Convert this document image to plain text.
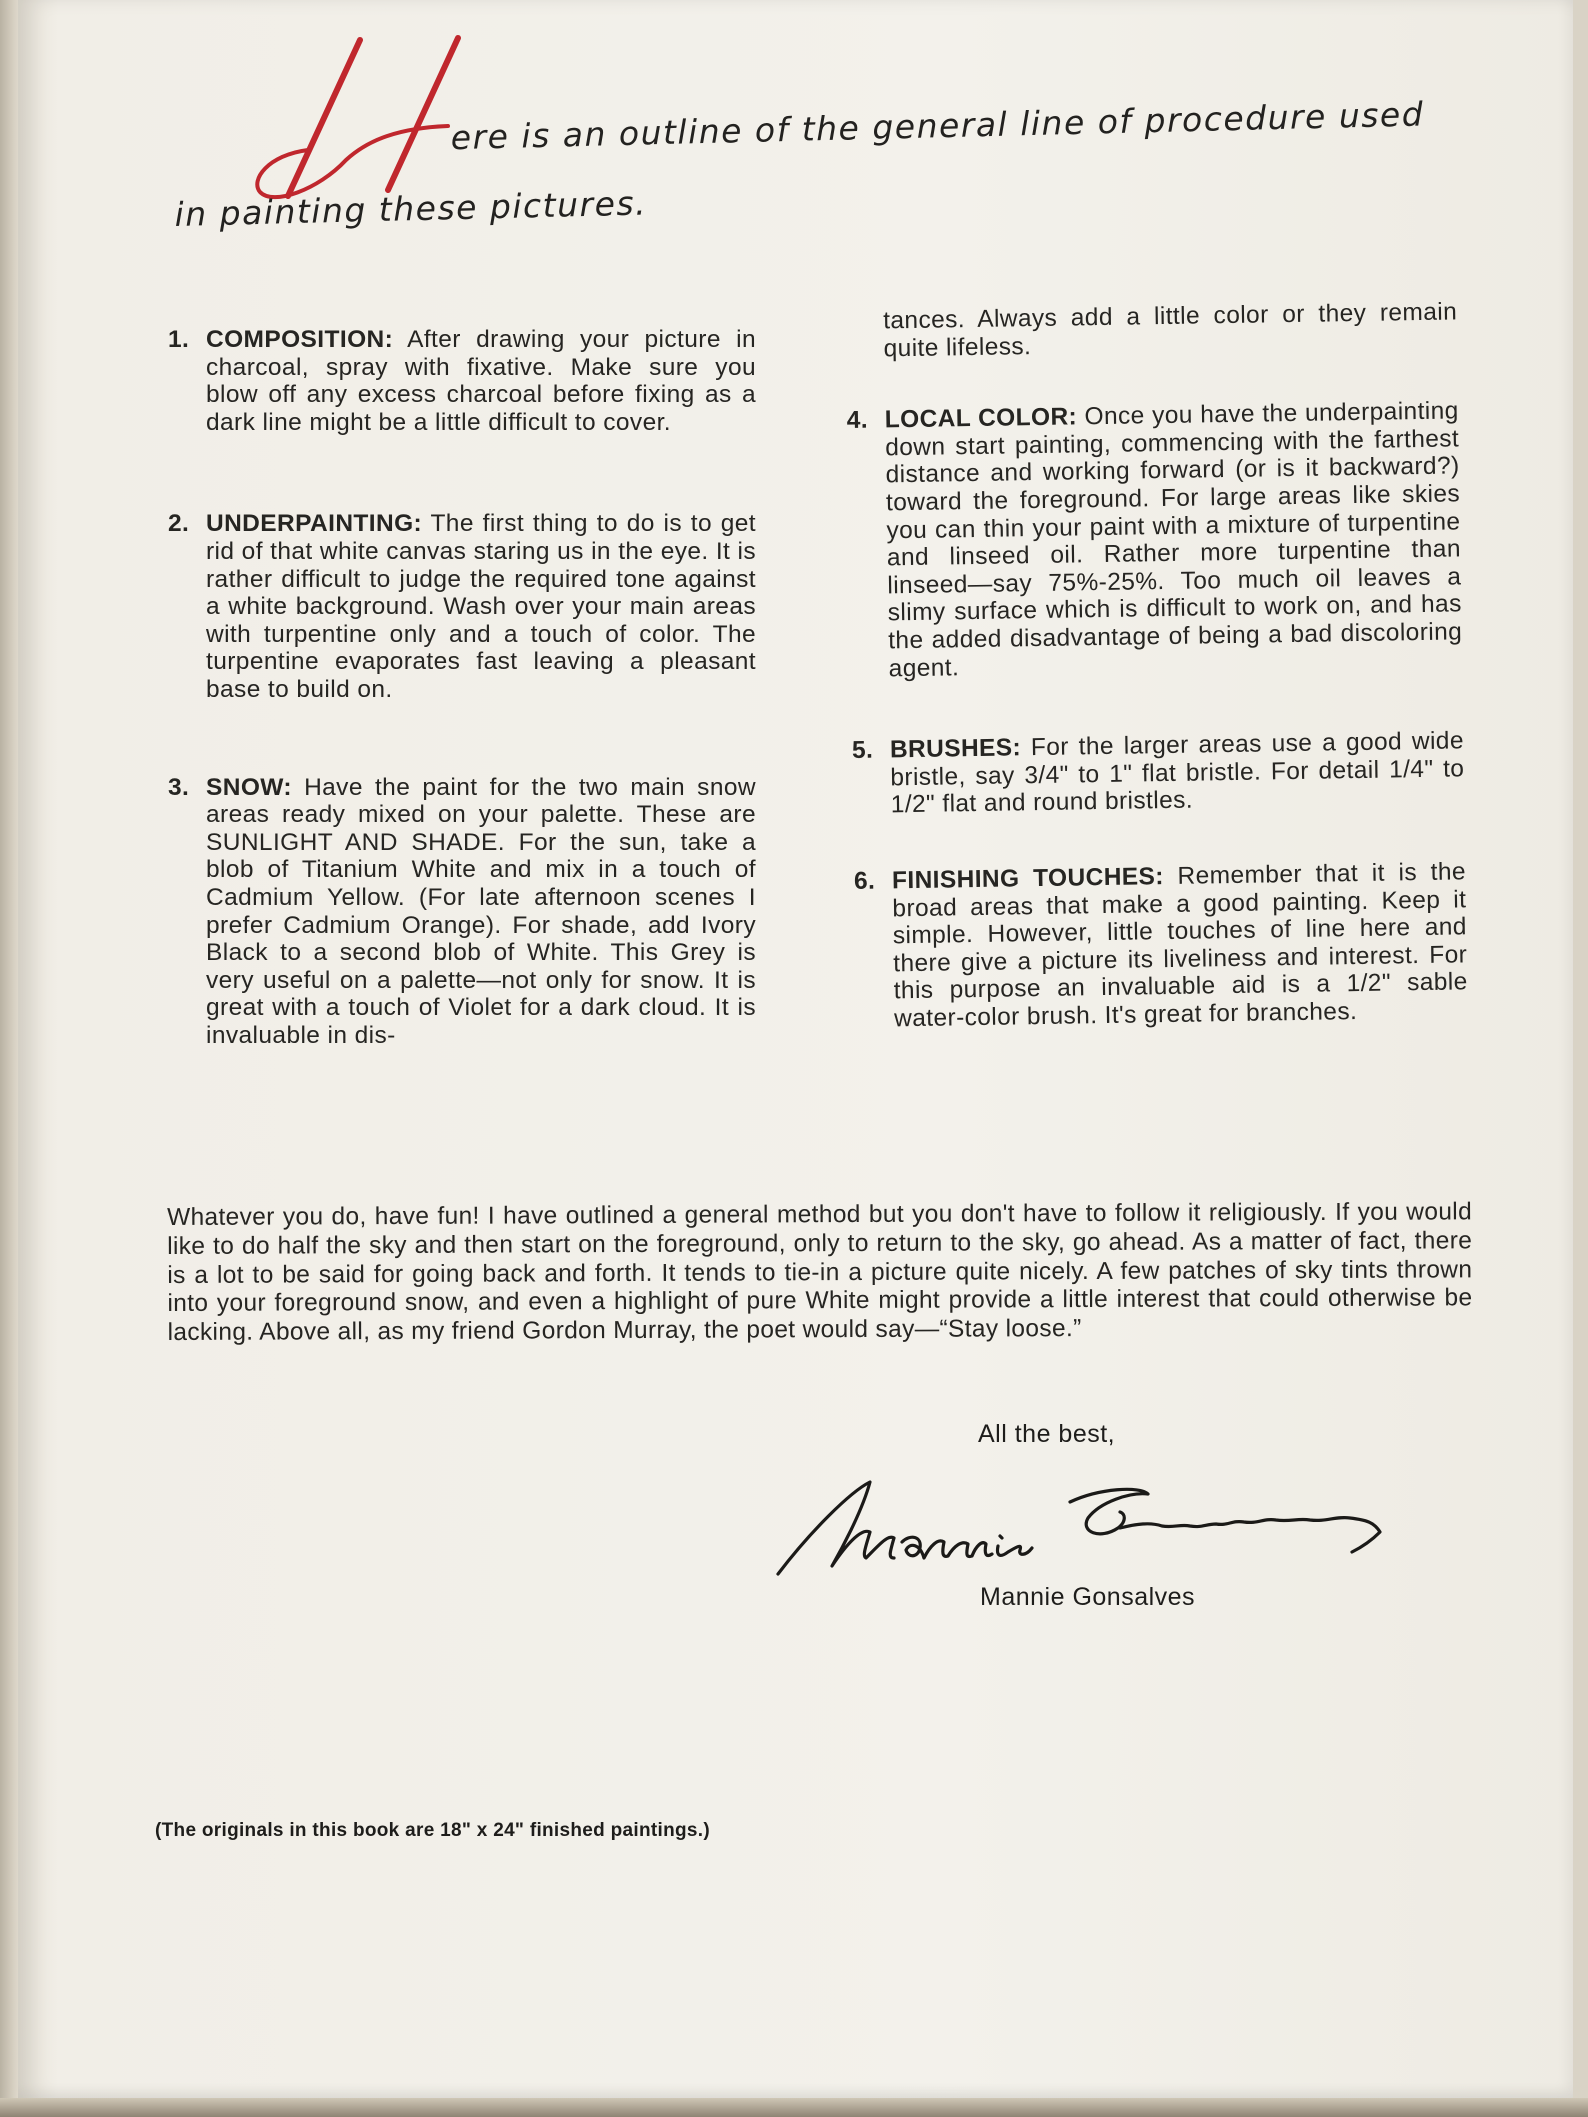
ere is an outline of the general line of procedure used
in painting these pictures.
1. COMPOSITION: After drawing your picture in charcoal, spray with fixative. Make sure you blow off any excess charcoal before fixing as a dark line might be a little difficult to cover.
2. UNDERPAINTING: The first thing to do is to get rid of that white canvas staring us in the eye. It is rather difficult to judge the required tone against a white background. Wash over your main areas with turpentine only and a touch of color. The turpentine evaporates fast leaving a pleasant base to build on.
3. SNOW: Have the paint for the two main snow areas ready mixed on your palette. These are SUNLIGHT AND SHADE. For the sun, take a blob of Titanium White and mix in a touch of Cadmium Yellow. (For late afternoon scenes I prefer Cadmium Orange). For shade, add Ivory Black to a second blob of White. This Grey is very useful on a palette—not only for snow. It is great with a touch of Violet for a dark cloud. It is invaluable in dis-
tances. Always add a little color or they remain quite lifeless.
4. LOCAL COLOR: Once you have the underpainting down start painting, commencing with the farthest distance and working forward (or is it backward?) toward the foreground. For large areas like skies you can thin your paint with a mixture of turpentine and linseed oil. Rather more turpentine than linseed—say 75%-25%. Too much oil leaves a slimy surface which is difficult to work on, and has the added disadvantage of being a bad discoloring agent.
5. BRUSHES: For the larger areas use a good wide bristle, say 3/4" to 1" flat bristle. For detail 1/4" to 1/2" flat and round bristles.
6. FINISHING TOUCHES: Remember that it is the broad areas that make a good painting. Keep it simple. However, little touches of line here and there give a picture its liveliness and interest. For this purpose an invaluable aid is a 1/2" sable water-color brush. It's great for branches.
Whatever you do, have fun! I have outlined a general method but you don't have to follow it religiously. If you would like to do half the sky and then start on the foreground, only to return to the sky, go ahead. As a matter of fact, there is a lot to be said for going back and forth. It tends to tie-in a picture quite nicely. A few patches of sky tints thrown into your foreground snow, and even a highlight of pure White might provide a little interest that could otherwise be lacking. Above all, as my friend Gordon Murray, the poet would say—“Stay loose.”
All the best,
Mannie Gonsalves
(The originals in this book are 18" x 24" finished paintings.)
